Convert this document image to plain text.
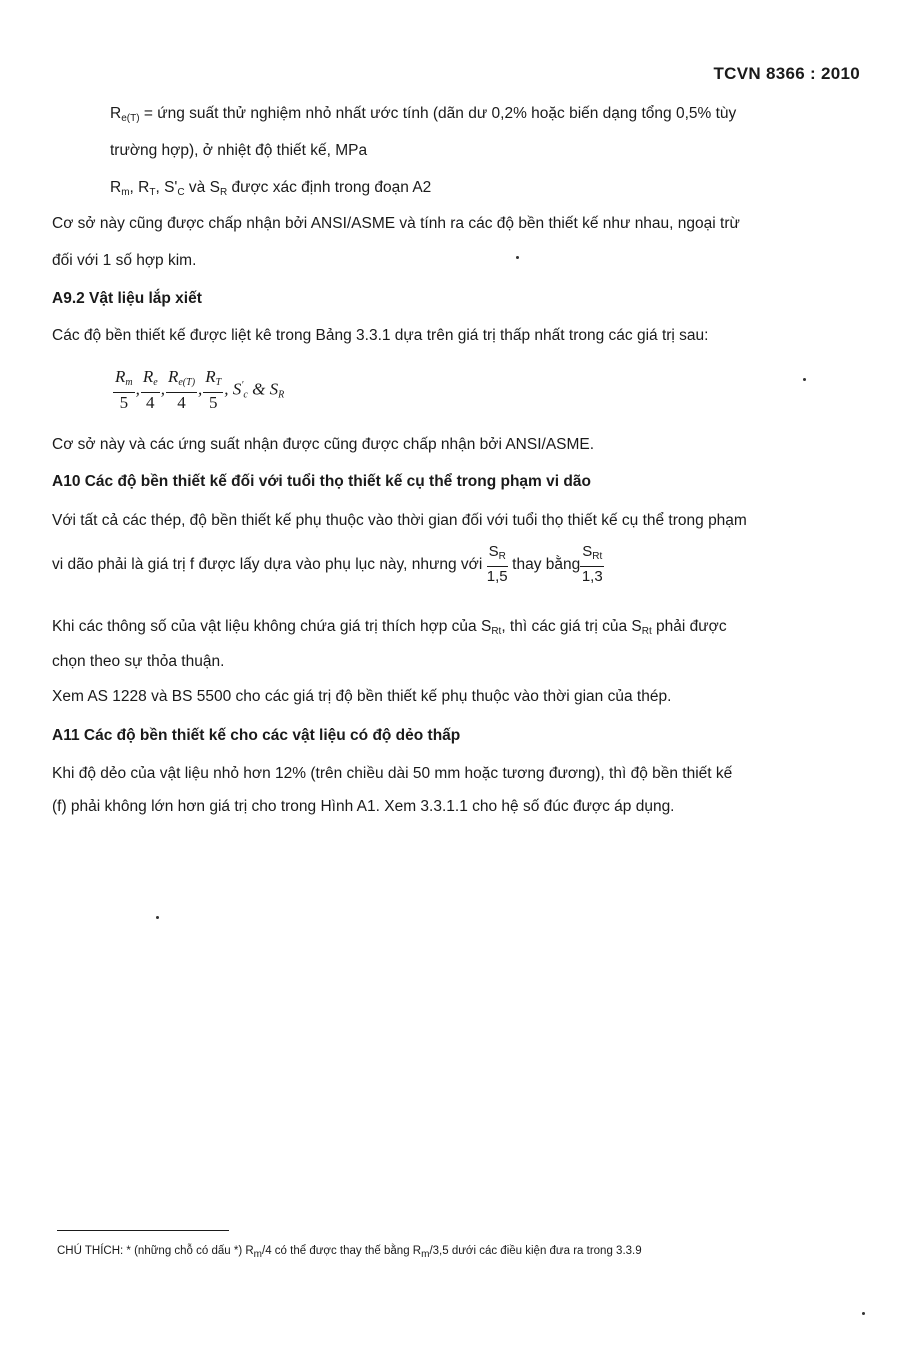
TCVN 8366 : 2010
$R_{e(T)}$ = ứng suất thử nghiệm nhỏ nhất ước tính (dãn dư 0,2% hoặc biến dạng tổng 0,5% tùy
trường hợp), ở nhiệt độ thiết kế, MPa
$R_m$, $R_T$, $S'_C$ và $S_R$ được xác định trong đoạn A2
Cơ sở này cũng được chấp nhận bởi ANSI/ASME và tính ra các độ bền thiết kế như nhau, ngoại trừ
đối với 1 số hợp kim.
A9.2 Vật liệu lắp xiết
Các độ bền thiết kế được liệt kê trong Bảng 3.3.1 dựa trên giá trị thấp nhất trong các giá trị sau:
$\frac{R_m}{5}$ , $\frac{R_e}{4}$ , $\frac{R_{e(T)}}{4}$ , $\frac{R_T}{5}$ , $S'_c$ & $S_R$
Cơ sở này và các ứng suất nhận được cũng được chấp nhận bởi ANSI/ASME.
A10 Các độ bền thiết kế đối với tuổi thọ thiết kế cụ thể trong phạm vi dão
Với tất cả các thép, độ bền thiết kế phụ thuộc vào thời gian đối với tuổi thọ thiết kế cụ thể trong phạm
vi dão phải là giá trị f được lấy dựa vào phụ lục này, nhưng với $\frac{S_R}{1,5}$ thay bằng $\frac{S_{Rt}}{1,3}$
Khi các thông số của vật liệu không chứa giá trị thích hợp của $S_{Rt}$, thì các giá trị của $S_{Rt}$ phải được
chọn theo sự thỏa thuận.
Xem AS 1228 và BS 5500 cho các giá trị độ bền thiết kế phụ thuộc vào thời gian của thép.
A11 Các độ bền thiết kế cho các vật liệu có độ dẻo thấp
Khi độ dẻo của vật liệu nhỏ hơn 12% (trên chiều dài 50 mm hoặc tương đương), thì độ bền thiết kế
(f) phải không lớn hơn giá trị cho trong Hình A1. Xem 3.3.1.1 cho hệ số đúc được áp dụng.
CHÚ THÍCH: * (những chỗ có dấu *) $R_m/4$ có thể được thay thế bằng $R_m/3,5$ dưới các điều kiện đưa ra trong 3.3.9
